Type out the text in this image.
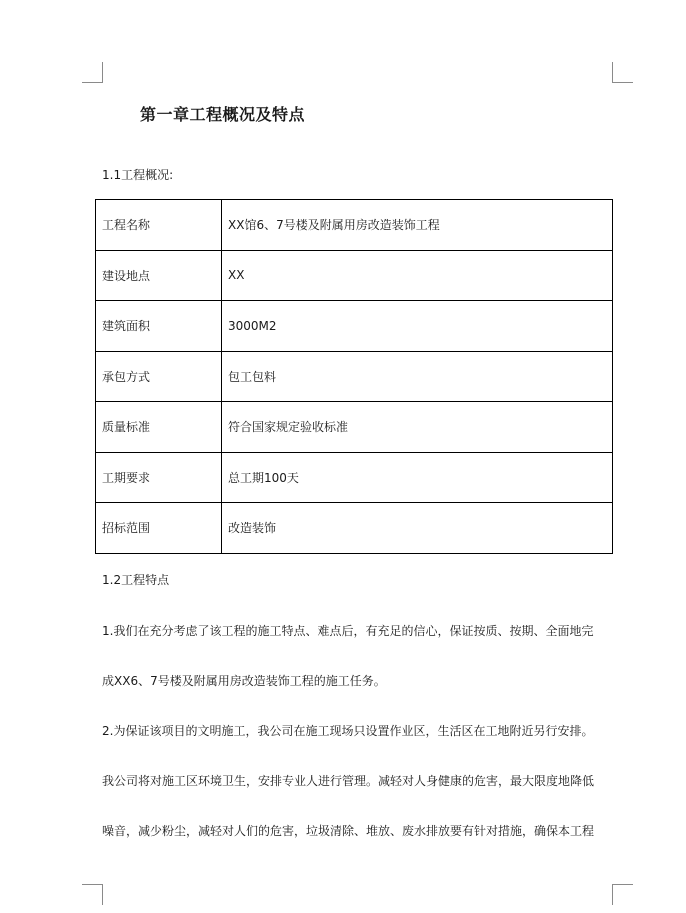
第一章工程概况及特点

1.1工程概况:

工程名称	XX馆6、7号楼及附属用房改造装饰工程
建设地点	XX
建筑面积	3000M2
承包方式	包工包料
质量标准	符合国家规定验收标准
工期要求	总工期100天
招标范围	改造装饰

1.2工程特点

1.我们在充分考虑了该工程的施工特点、难点后，有充足的信心，保证按质、按期、全面地完

成XX6、7号楼及附属用房改造装饰工程的施工任务。

2.为保证该项目的文明施工，我公司在施工现场只设置作业区，生活区在工地附近另行安排。

我公司将对施工区环境卫生，安排专业人进行管理。减轻对人身健康的危害，最大限度地降低

噪音，减少粉尘，减轻对人们的危害，垃圾清除、堆放、废水排放要有针对措施，确保本工程
